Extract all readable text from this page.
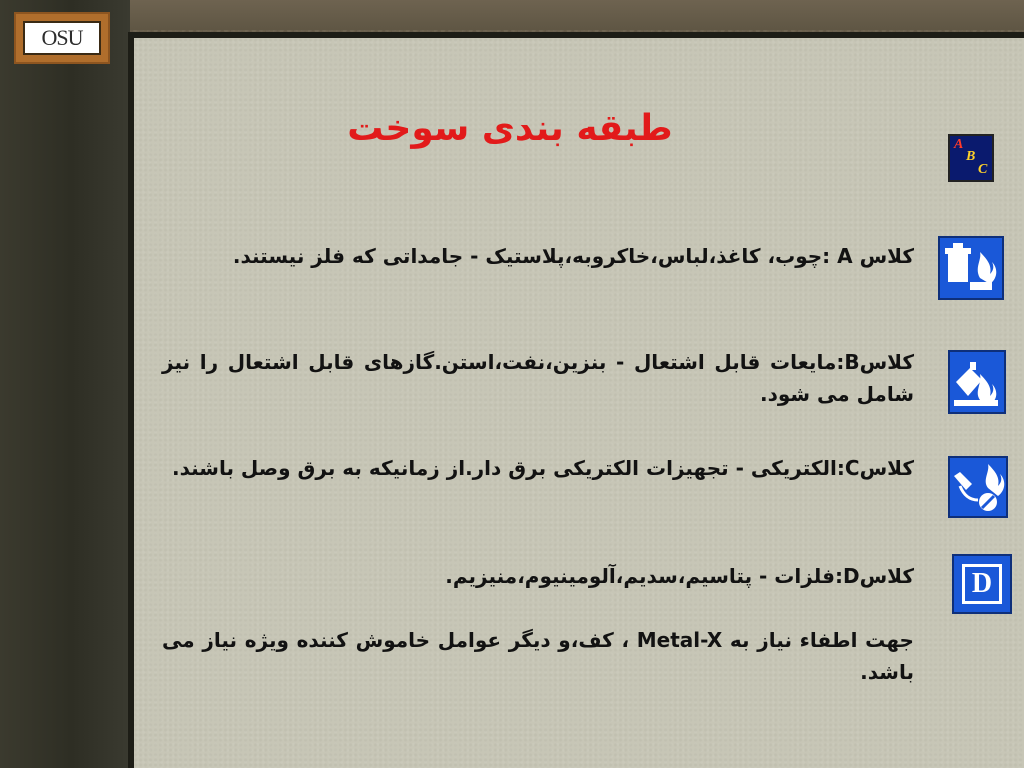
OSU
طبقه بندی سوخت	A
B
C
D
کلاس A :چوب، کاغذ،لباس،خاکروبه،پلاستیک - جامداتی که فلز نیستند.
کلاسB:مایعات قابل اشتعال - بنزین،نفت،استن.گازهای قابل اشتعال را نیز شامل می شود.
کلاسC:الکتریکی - تجهیزات الکتریکی برق دار.از زمانیکه به برق وصل باشند.
کلاسD:فلزات - پتاسیم،سدیم،آلومینیوم،منیزیم.
جهت اطفاء نیاز به Metal-X ، کف،و دیگر عوامل خاموش کننده ویژه نیاز می باشد.
